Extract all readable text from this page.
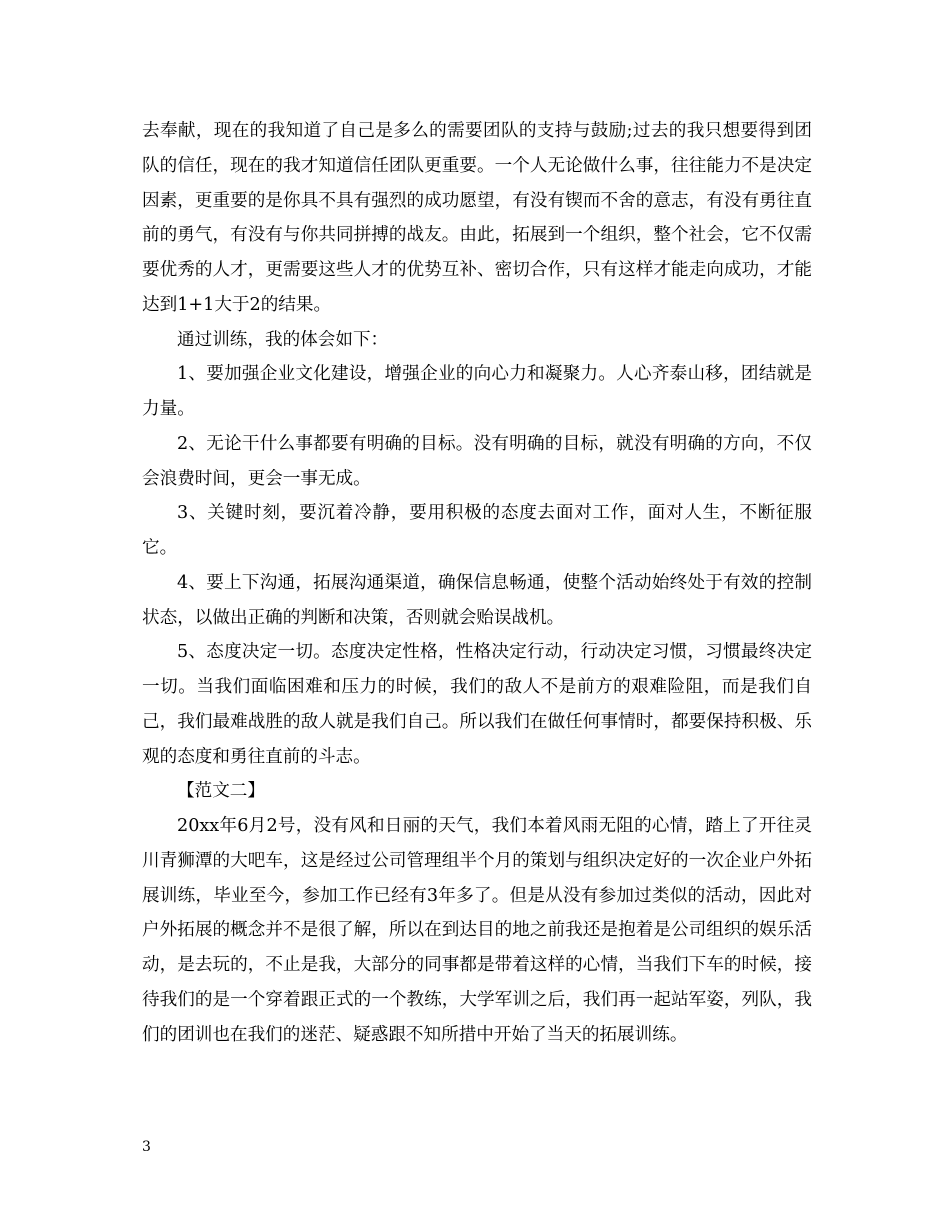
去奉献，现在的我知道了自己是多么的需要团队的支持与鼓励;过去的我只想要得到团队的信任，现在的我才知道信任团队更重要。一个人无论做什么事，往往能力不是决定因素，更重要的是你具不具有强烈的成功愿望，有没有锲而不舍的意志，有没有勇往直前的勇气，有没有与你共同拼搏的战友。由此，拓展到一个组织，整个社会，它不仅需要优秀的人才，更需要这些人才的优势互补、密切合作，只有这样才能走向成功，才能达到1+1大于2的结果。

通过训练，我的体会如下：

1、要加强企业文化建设，增强企业的向心力和凝聚力。人心齐泰山移，团结就是力量。

2、无论干什么事都要有明确的目标。没有明确的目标，就没有明确的方向，不仅会浪费时间，更会一事无成。

3、关键时刻，要沉着冷静，要用积极的态度去面对工作，面对人生，不断征服它。

4、要上下沟通，拓展沟通渠道，确保信息畅通，使整个活动始终处于有效的控制状态，以做出正确的判断和决策，否则就会贻误战机。

5、态度决定一切。态度决定性格，性格决定行动，行动决定习惯，习惯最终决定一切。当我们面临困难和压力的时候，我们的敌人不是前方的艰难险阻，而是我们自己，我们最难战胜的敌人就是我们自己。所以我们在做任何事情时，都要保持积极、乐观的态度和勇往直前的斗志。

【范文二】

20xx年6月2号，没有风和日丽的天气，我们本着风雨无阻的心情，踏上了开往灵川青狮潭的大吧车，这是经过公司管理组半个月的策划与组织决定好的一次企业户外拓展训练，毕业至今，参加工作已经有3年多了。但是从没有参加过类似的活动，因此对户外拓展的概念并不是很了解，所以在到达目的地之前我还是抱着是公司组织的娱乐活动，是去玩的，不止是我，大部分的同事都是带着这样的心情，当我们下车的时候，接待我们的是一个穿着跟正式的一个教练，大学军训之后，我们再一起站军姿，列队，我们的团训也在我们的迷茫、疑惑跟不知所措中开始了当天的拓展训练。

3
